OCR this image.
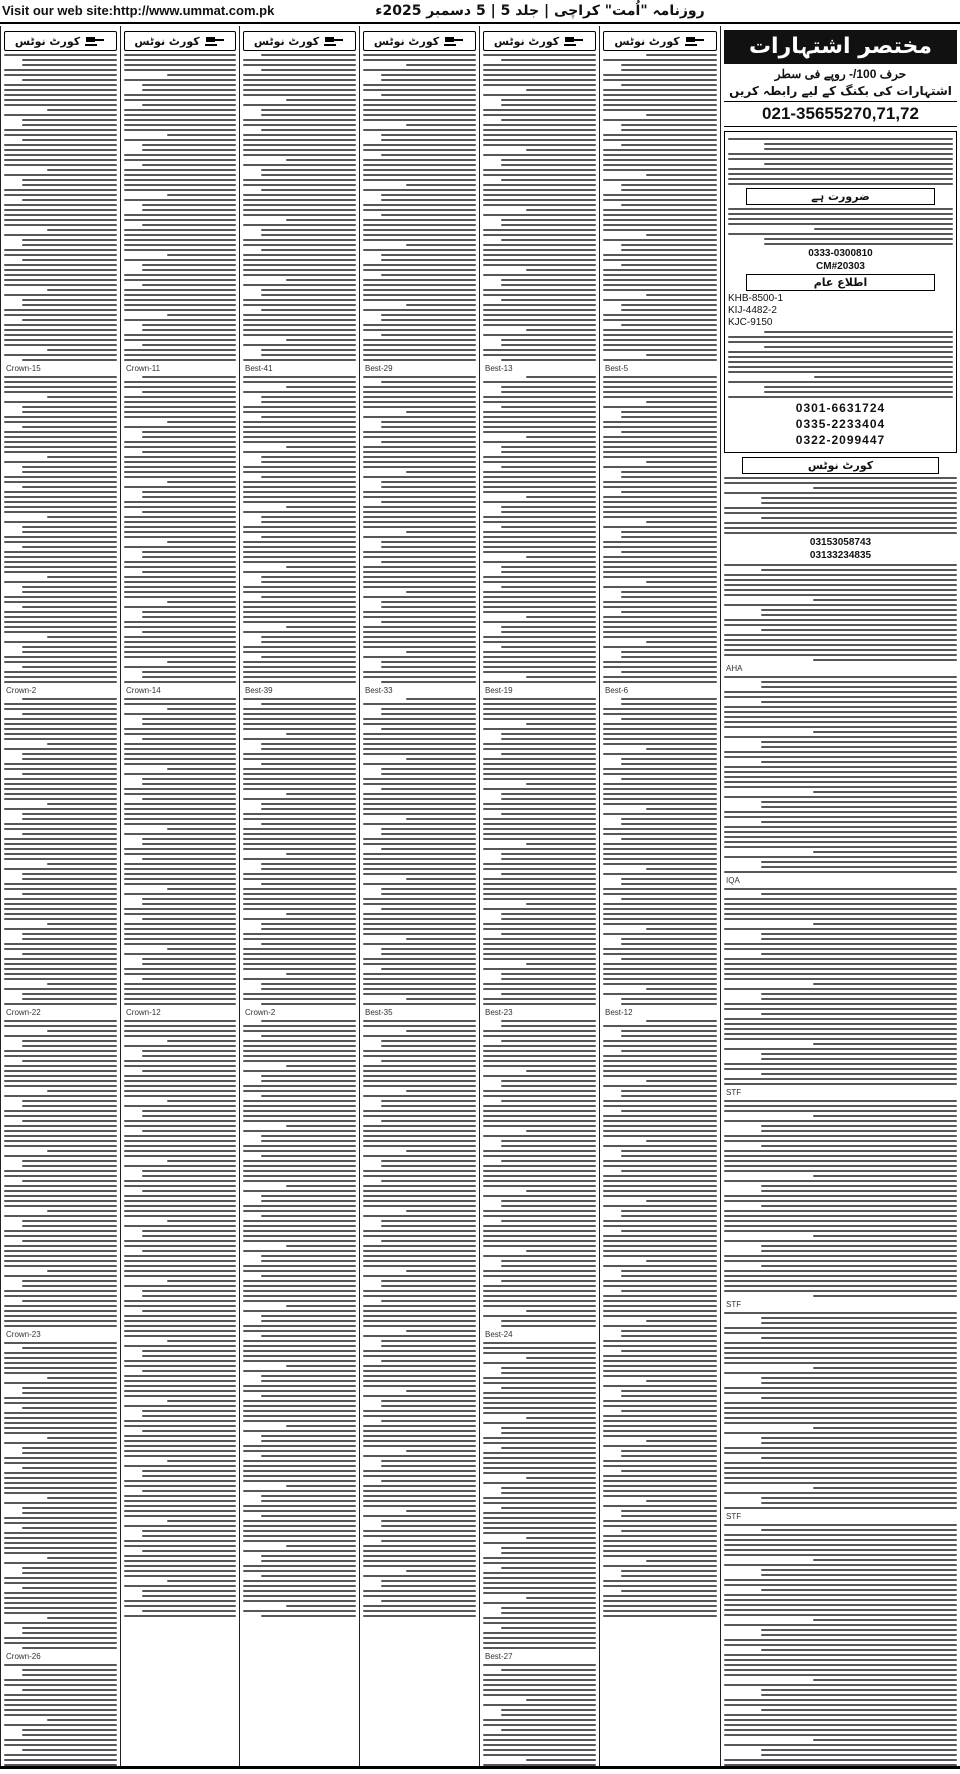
Visit our web site:http://www.ummat.com.pk	روزنامہ "اُمت" کراچی | جلد 5 | 5 دسمبر 2025ء
کورٹ نوٹس
Crown-15
Crown-2
Crown-22
Crown-23
Crown-26
کورٹ نوٹس
Crown-11
Crown-14
Crown-12
کورٹ نوٹس
Best-41
Best-39
Crown-2
کورٹ نوٹس
Best-29
Best-33
Best-35
کورٹ نوٹس
Best-13
Best-19
Best-23
Best-24
Best-27
کورٹ نوٹس
Best-5
Best-6
Best-12
مختصر اشتہارات
حرف 100/- روپے فی سطر
اشتہارات کی بکنگ کے لیے رابطہ کریں
021-35655270,71,72
ضرورت ہے
0333-0300810
CM#20303
اطلاع عام
KHB-8500-1
KIJ-4482-2
KJC-9150
0301-6631724
0335-2233404
0322-2099447
کورٹ نوٹس
03153058743
03133234835
AHA
IQA
STF
STF
STF
